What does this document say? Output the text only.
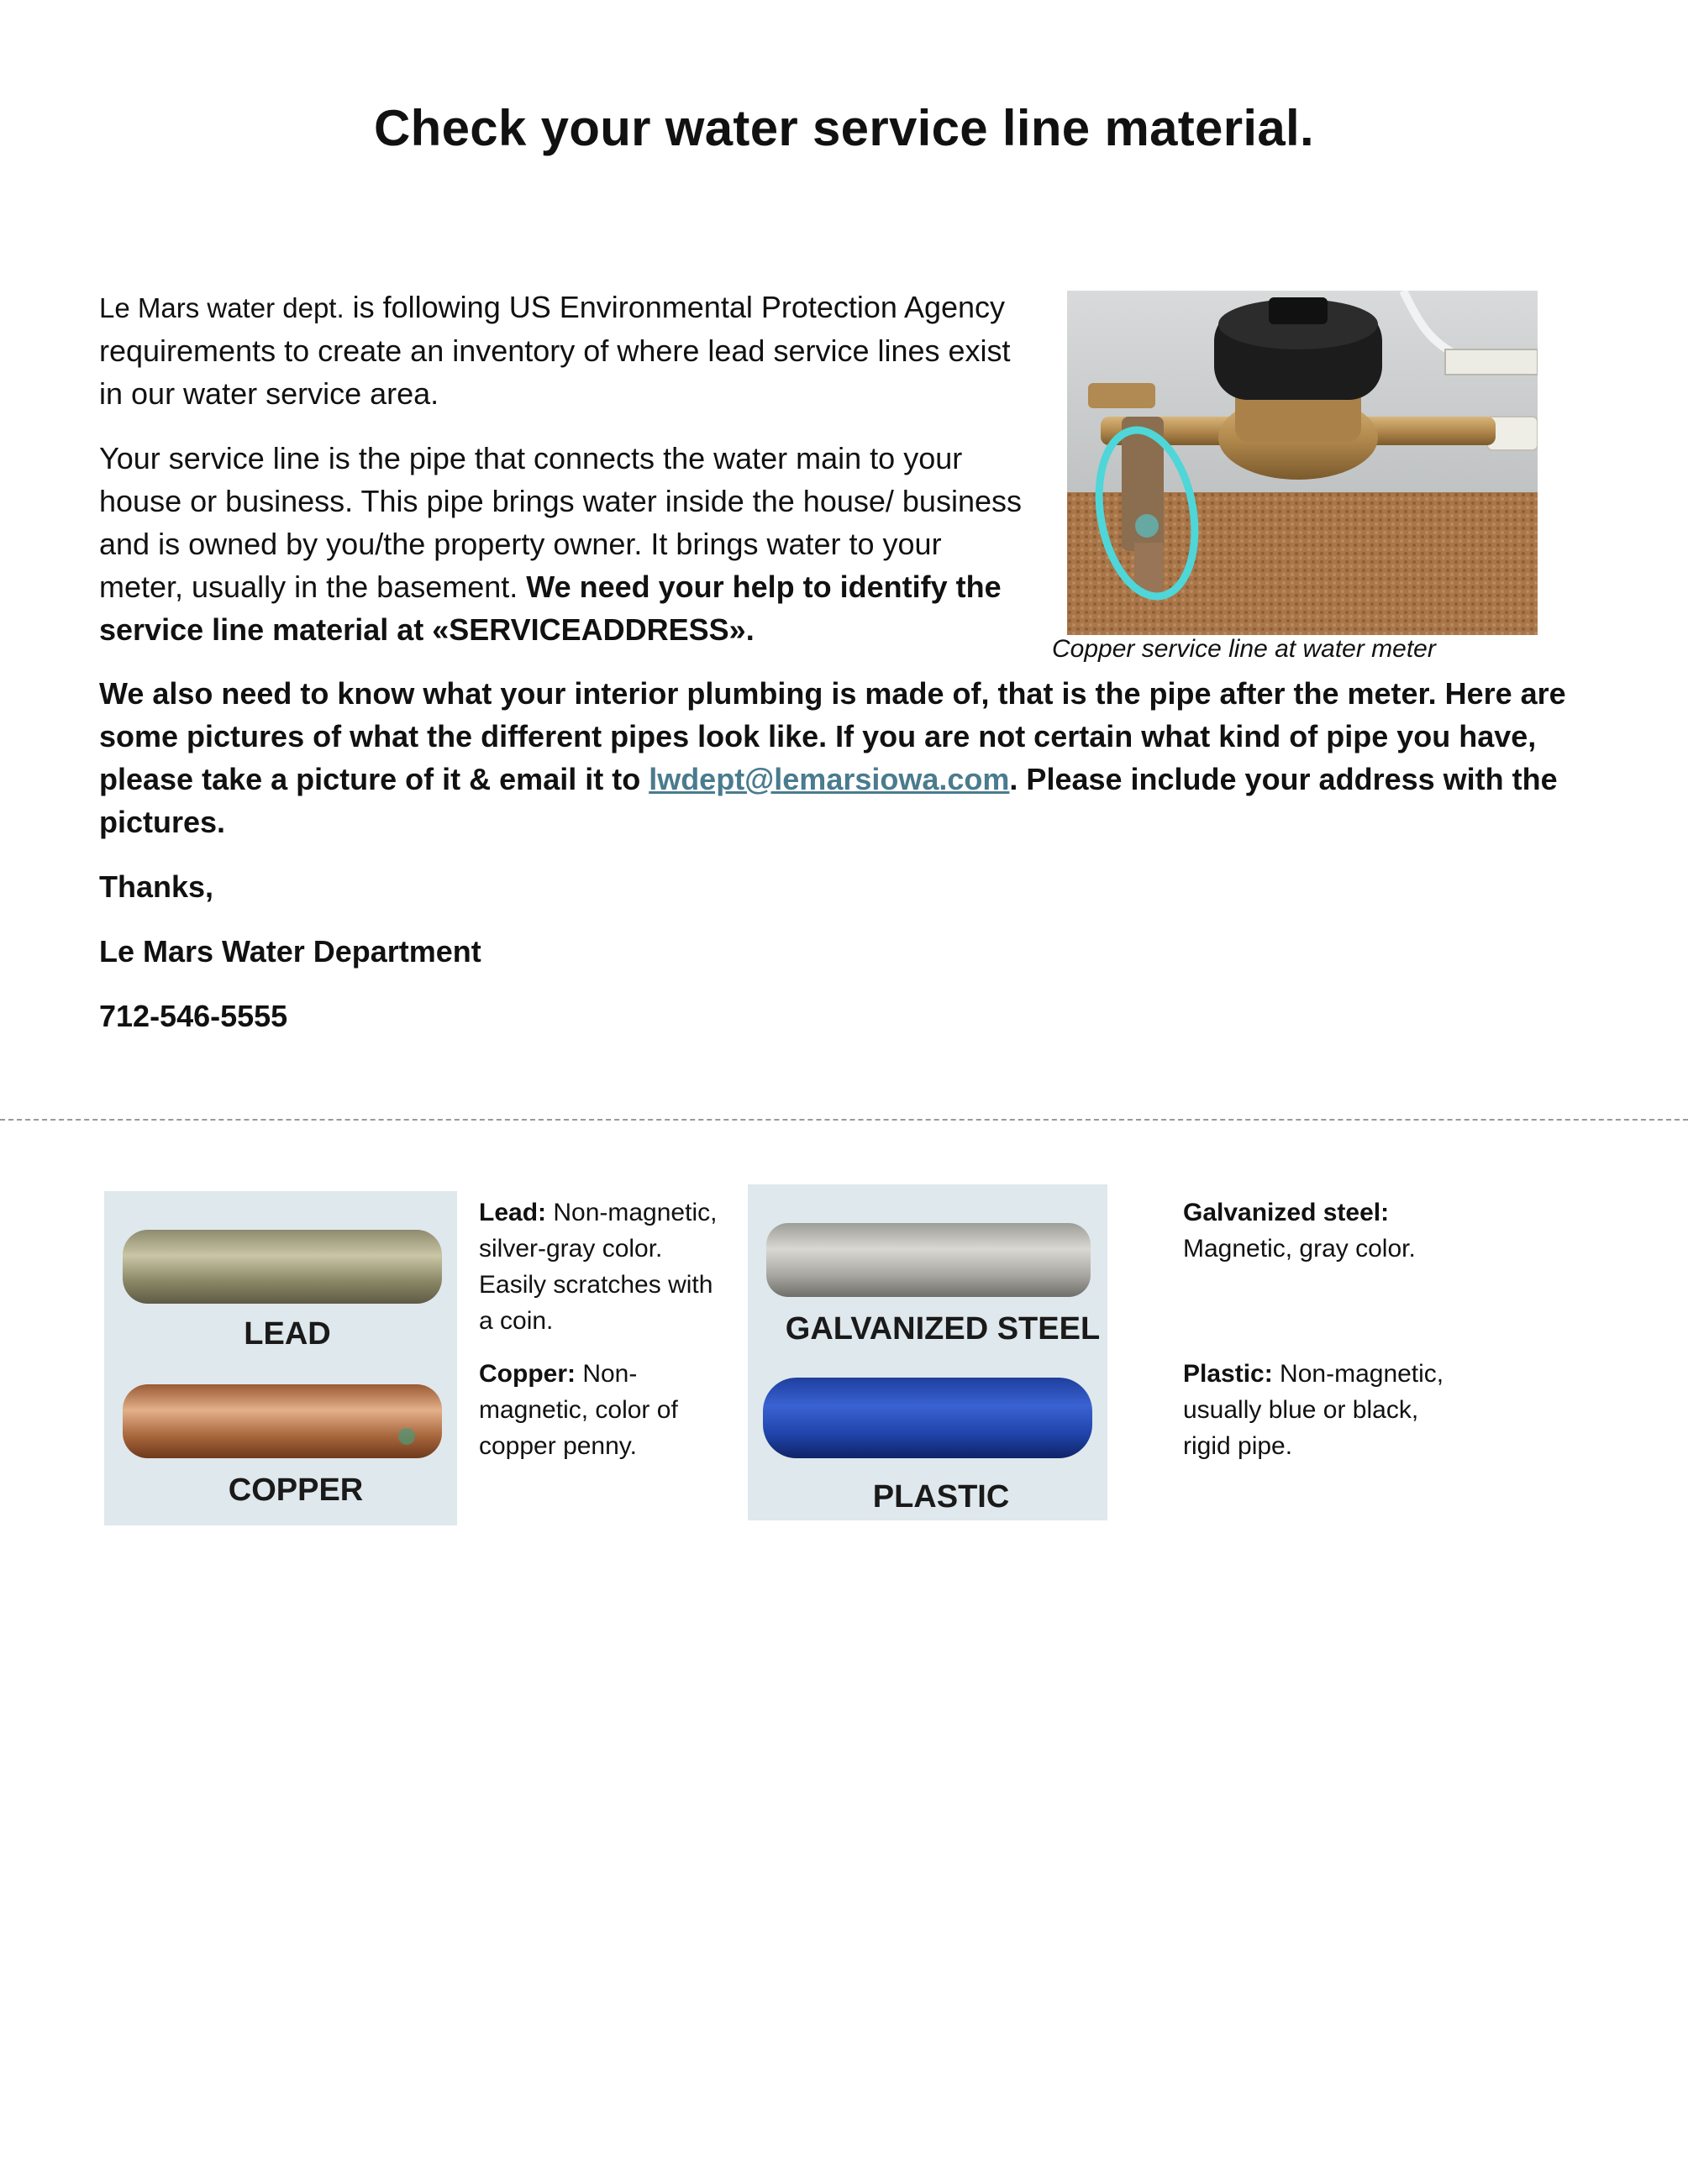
Check your water service line material.

Le Mars water dept. is following US Environmental Protection Agency requirements to create an inventory of where lead service lines exist in our water service area.

Your service line is the pipe that connects the water main to your house or business. This pipe brings water inside the house/ business and is owned by you/the property owner. It brings water to your meter, usually in the basement. We need your help to identify the service line material at «SERVICEADDRESS».

Copper service line at water meter

We also need to know what your interior plumbing is made of, that is the pipe after the meter. Here are some pictures of what the different pipes look like. If you are not certain what kind of pipe you have, please take a picture of it & email it to lwdept@lemarsiowa.com. Please include your address with the pictures.

Thanks,

Le Mars Water Department

712-546-5555

LEAD
COPPER

Lead: Non-magnetic, silver-gray color. Easily scratches with a coin.

Copper: Non-magnetic, color of copper penny.

GALVANIZED STEEL
PLASTIC

Galvanized steel:
Magnetic, gray color.

Plastic: Non-magnetic, usually blue or black, rigid pipe.
